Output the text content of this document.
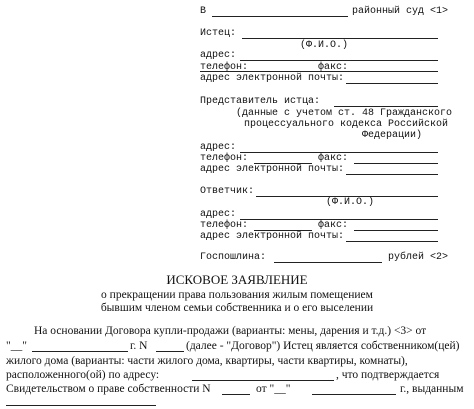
В	районный суд <1>
Истец:
(Ф.И.О.)
адрес:
телефон:	факс:
адрес электронной почты:
Представитель истца:
(данные с учетом ст. 48 Гражданского
процессуального кодекса Российской
Федерации)
адрес:
телефон:	факс:
адрес электронной почты:
Ответчик:
(Ф.И.О.)
адрес:
телефон:	факс:
адрес электронной почты:
Госпошлина:	рублей <2>
ИСКОВОЕ ЗАЯВЛЕНИЕ
о прекращении права пользования жилым помещением
бывшим членом семьи собственника и о его выселении
На основании Договора купли-продажи (варианты: мены, дарения и т.д.) <3> от
"__"	г. N	(далее - "Договор") Истец является собственником(цей)
жилого дома (варианты: части жилого дома, квартиры, части квартиры, комнаты),
расположенного(ой) по адресу:	, что подтверждается
Свидетельством о праве собственности N	от "__"	г., выданным
